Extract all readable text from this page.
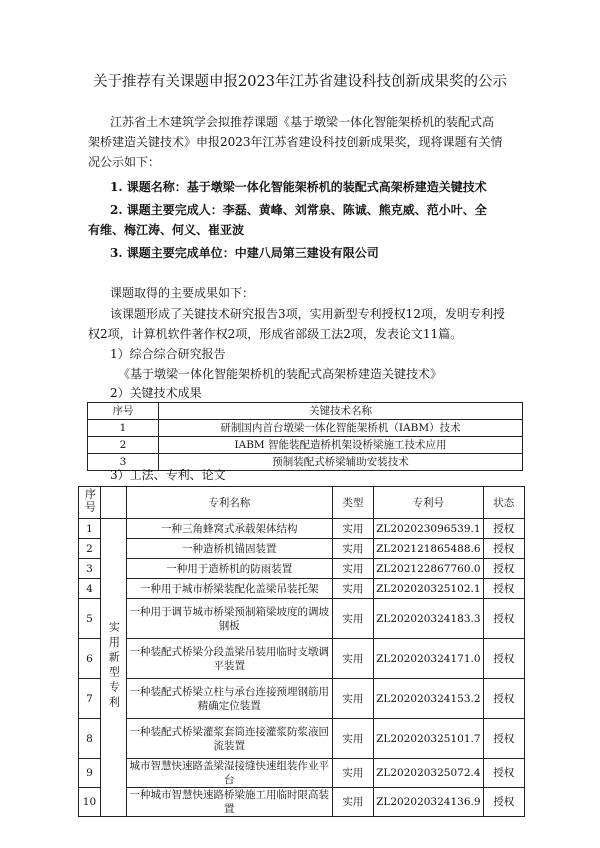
关于推荐有关课题申报2023年江苏省建设科技创新成果奖的公示
江苏省土木建筑学会拟推荐课题《基于墩梁一体化智能架桥机的装配式高
架桥建造关键技术》申报2023年江苏省建设科技创新成果奖，现将课题有关情
况公示如下：
1. 课题名称：基于墩梁一体化智能架桥机的装配式高架桥建造关键技术
2. 课题主要完成人：李磊、黄峰、刘常泉、陈诚、熊克威、范小叶、全
有维、梅江涛、何义、崔亚波
3. 课题主要完成单位：中建八局第三建设有限公司
课题取得的主要成果如下：
该课题形成了关键技术研究报告3项，实用新型专利授权12项，发明专利授
权2项，计算机软件著作权2项，形成省部级工法2项，发表论文11篇。
1）综合综合研究报告
《基于墩梁一体化智能架桥机的装配式高架桥建造关键技术》
2）关键技术成果
序号	关键技术名称
1	研制国内首台墩梁一体化智能架桥机（IABM）技术
2	IABM 智能装配造桥机架设桥梁施工技术应用
3	预制装配式桥梁辅助安装技术
3）工法、专利、论文
序号		专利名称	类型	专利号	状态
1	实用新型专利	一种三角蜂窝式承载架体结构	实用	ZL202023096539.1	授权
2		一种造桥机锚固装置	实用	ZL202121865488.6	授权
3		一种用于造桥机的防雨装置	实用	ZL202122867760.0	授权
4		一种用于城市桥梁装配化盖梁吊装托架	实用	ZL202020325102.1	授权
5		一种用于调节城市桥梁预制箱梁坡度的调坡钢板	实用	ZL202020324183.3	授权
6		一种装配式桥梁分段盖梁吊装用临时支墩调平装置	实用	ZL202020324171.0	授权
7		一种装配式桥梁立柱与承台连接预埋钢筋用精确定位装置	实用	ZL202020324153.2	授权
8		一种装配式桥梁灌浆套筒连接灌浆防浆液回流装置	实用	ZL202020325101.7	授权
9		城市智慧快速路盖梁湿接缝快速组装作业平台	实用	ZL202020325072.4	授权
10		一种城市智慧快速路桥梁施工用临时限高装置	实用	ZL202020324136.9	授权
